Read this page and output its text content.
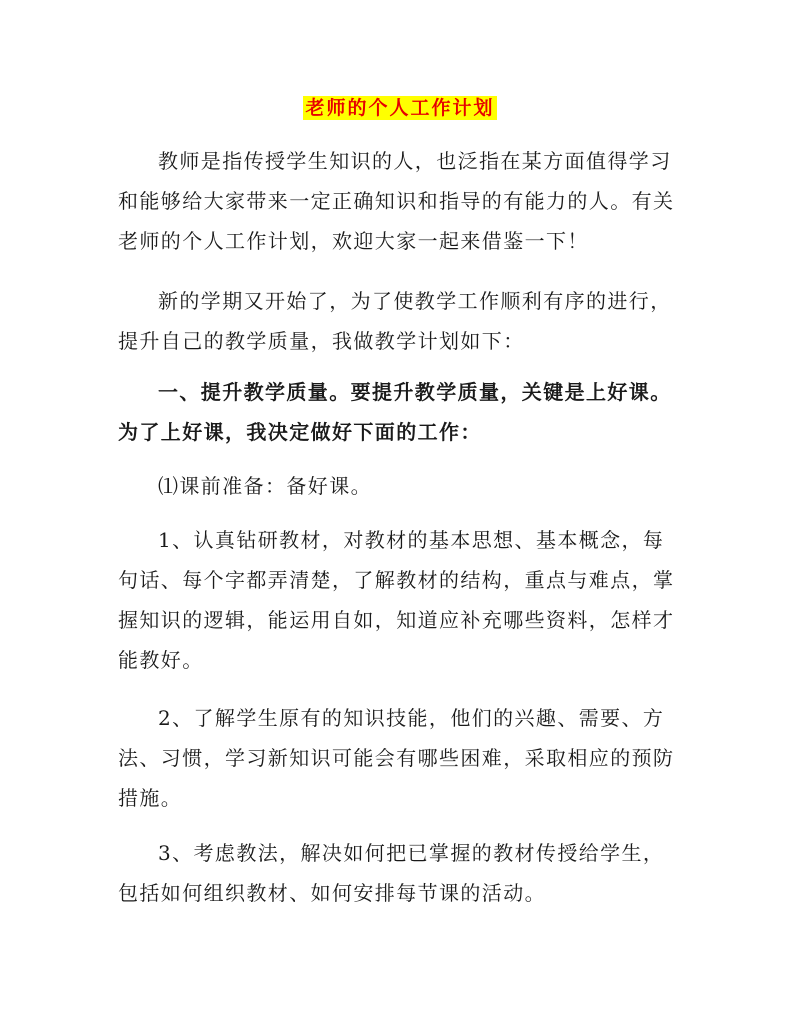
老师的个人工作计划

教师是指传授学生知识的人，也泛指在某方面值得学习和能够给大家带来一定正确知识和指导的有能力的人。有关老师的个人工作计划，欢迎大家一起来借鉴一下！

新的学期又开始了，为了使教学工作顺利有序的进行，提升自己的教学质量，我做教学计划如下：

一、提升教学质量。要提升教学质量，关键是上好课。为了上好课，我决定做好下面的工作：

⑴课前准备：备好课。

1、认真钻研教材，对教材的基本思想、基本概念，每句话、每个字都弄清楚，了解教材的结构，重点与难点，掌握知识的逻辑，能运用自如，知道应补充哪些资料，怎样才能教好。

2、了解学生原有的知识技能，他们的兴趣、需要、方法、习惯，学习新知识可能会有哪些困难，采取相应的预防措施。

3、考虑教法，解决如何把已掌握的教材传授给学生，包括如何组织教材、如何安排每节课的活动。
